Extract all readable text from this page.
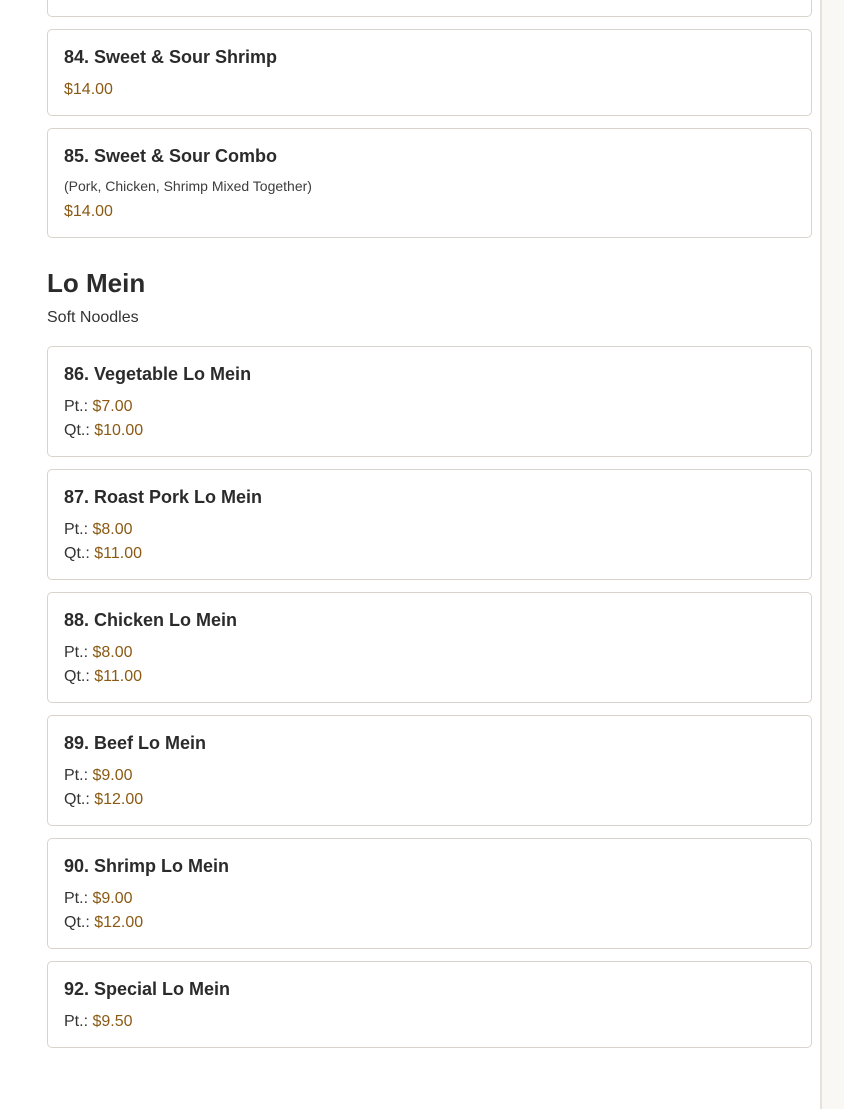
84. Sweet & Sour Shrimp
$14.00
85. Sweet & Sour Combo
(Pork, Chicken, Shrimp Mixed Together)
$14.00
Lo Mein
Soft Noodles
86. Vegetable Lo Mein
Pt.: $7.00
Qt.: $10.00
87. Roast Pork Lo Mein
Pt.: $8.00
Qt.: $11.00
88. Chicken Lo Mein
Pt.: $8.00
Qt.: $11.00
89. Beef Lo Mein
Pt.: $9.00
Qt.: $12.00
90. Shrimp Lo Mein
Pt.: $9.00
Qt.: $12.00
92. Special Lo Mein
Pt.: $9.50
